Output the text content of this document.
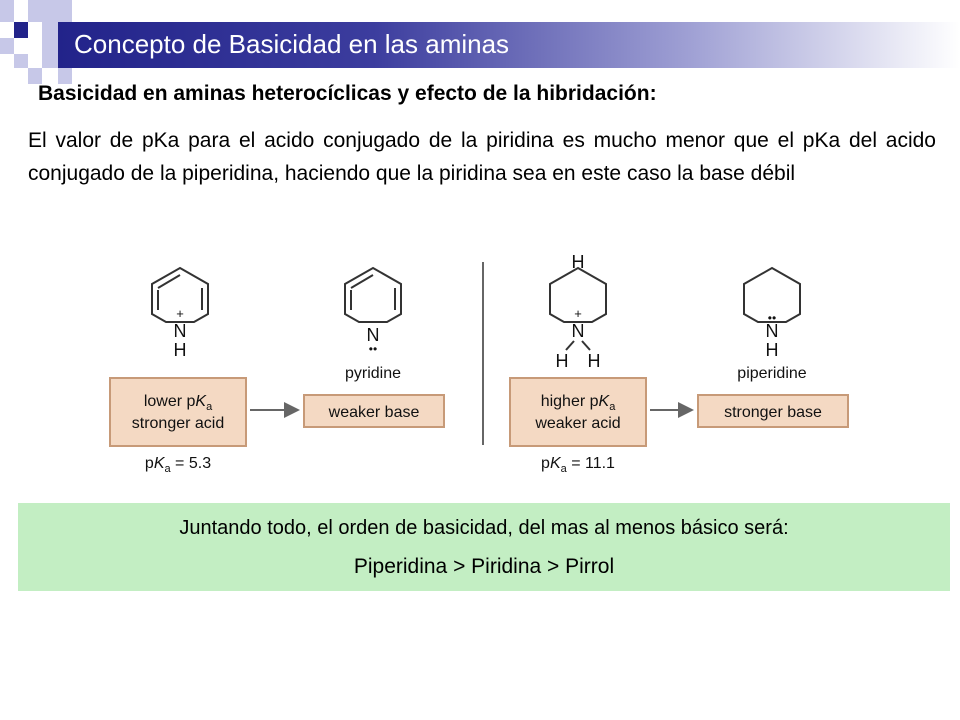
Concepto de Basicidad en las aminas
Basicidad en aminas heterocíclicas y efecto de la hibridación:
El valor de pKa para el acido conjugado de la piridina es mucho menor que el pKa del acido conjugado de la piperidina, haciendo que la piridina sea en este caso la base débil
+
N
H
N
••
pyridine
H
+
N
H H
••
N
H
piperidine
lower $pK_a$
stronger acid
weaker base
$pK_a = 5.3$
higher $pK_a$
weaker acid
stronger base
$pK_a = 11.1$
Juntando todo, el orden de basicidad, del mas al menos básico será:
Piperidina > Piridina > Pirrol
